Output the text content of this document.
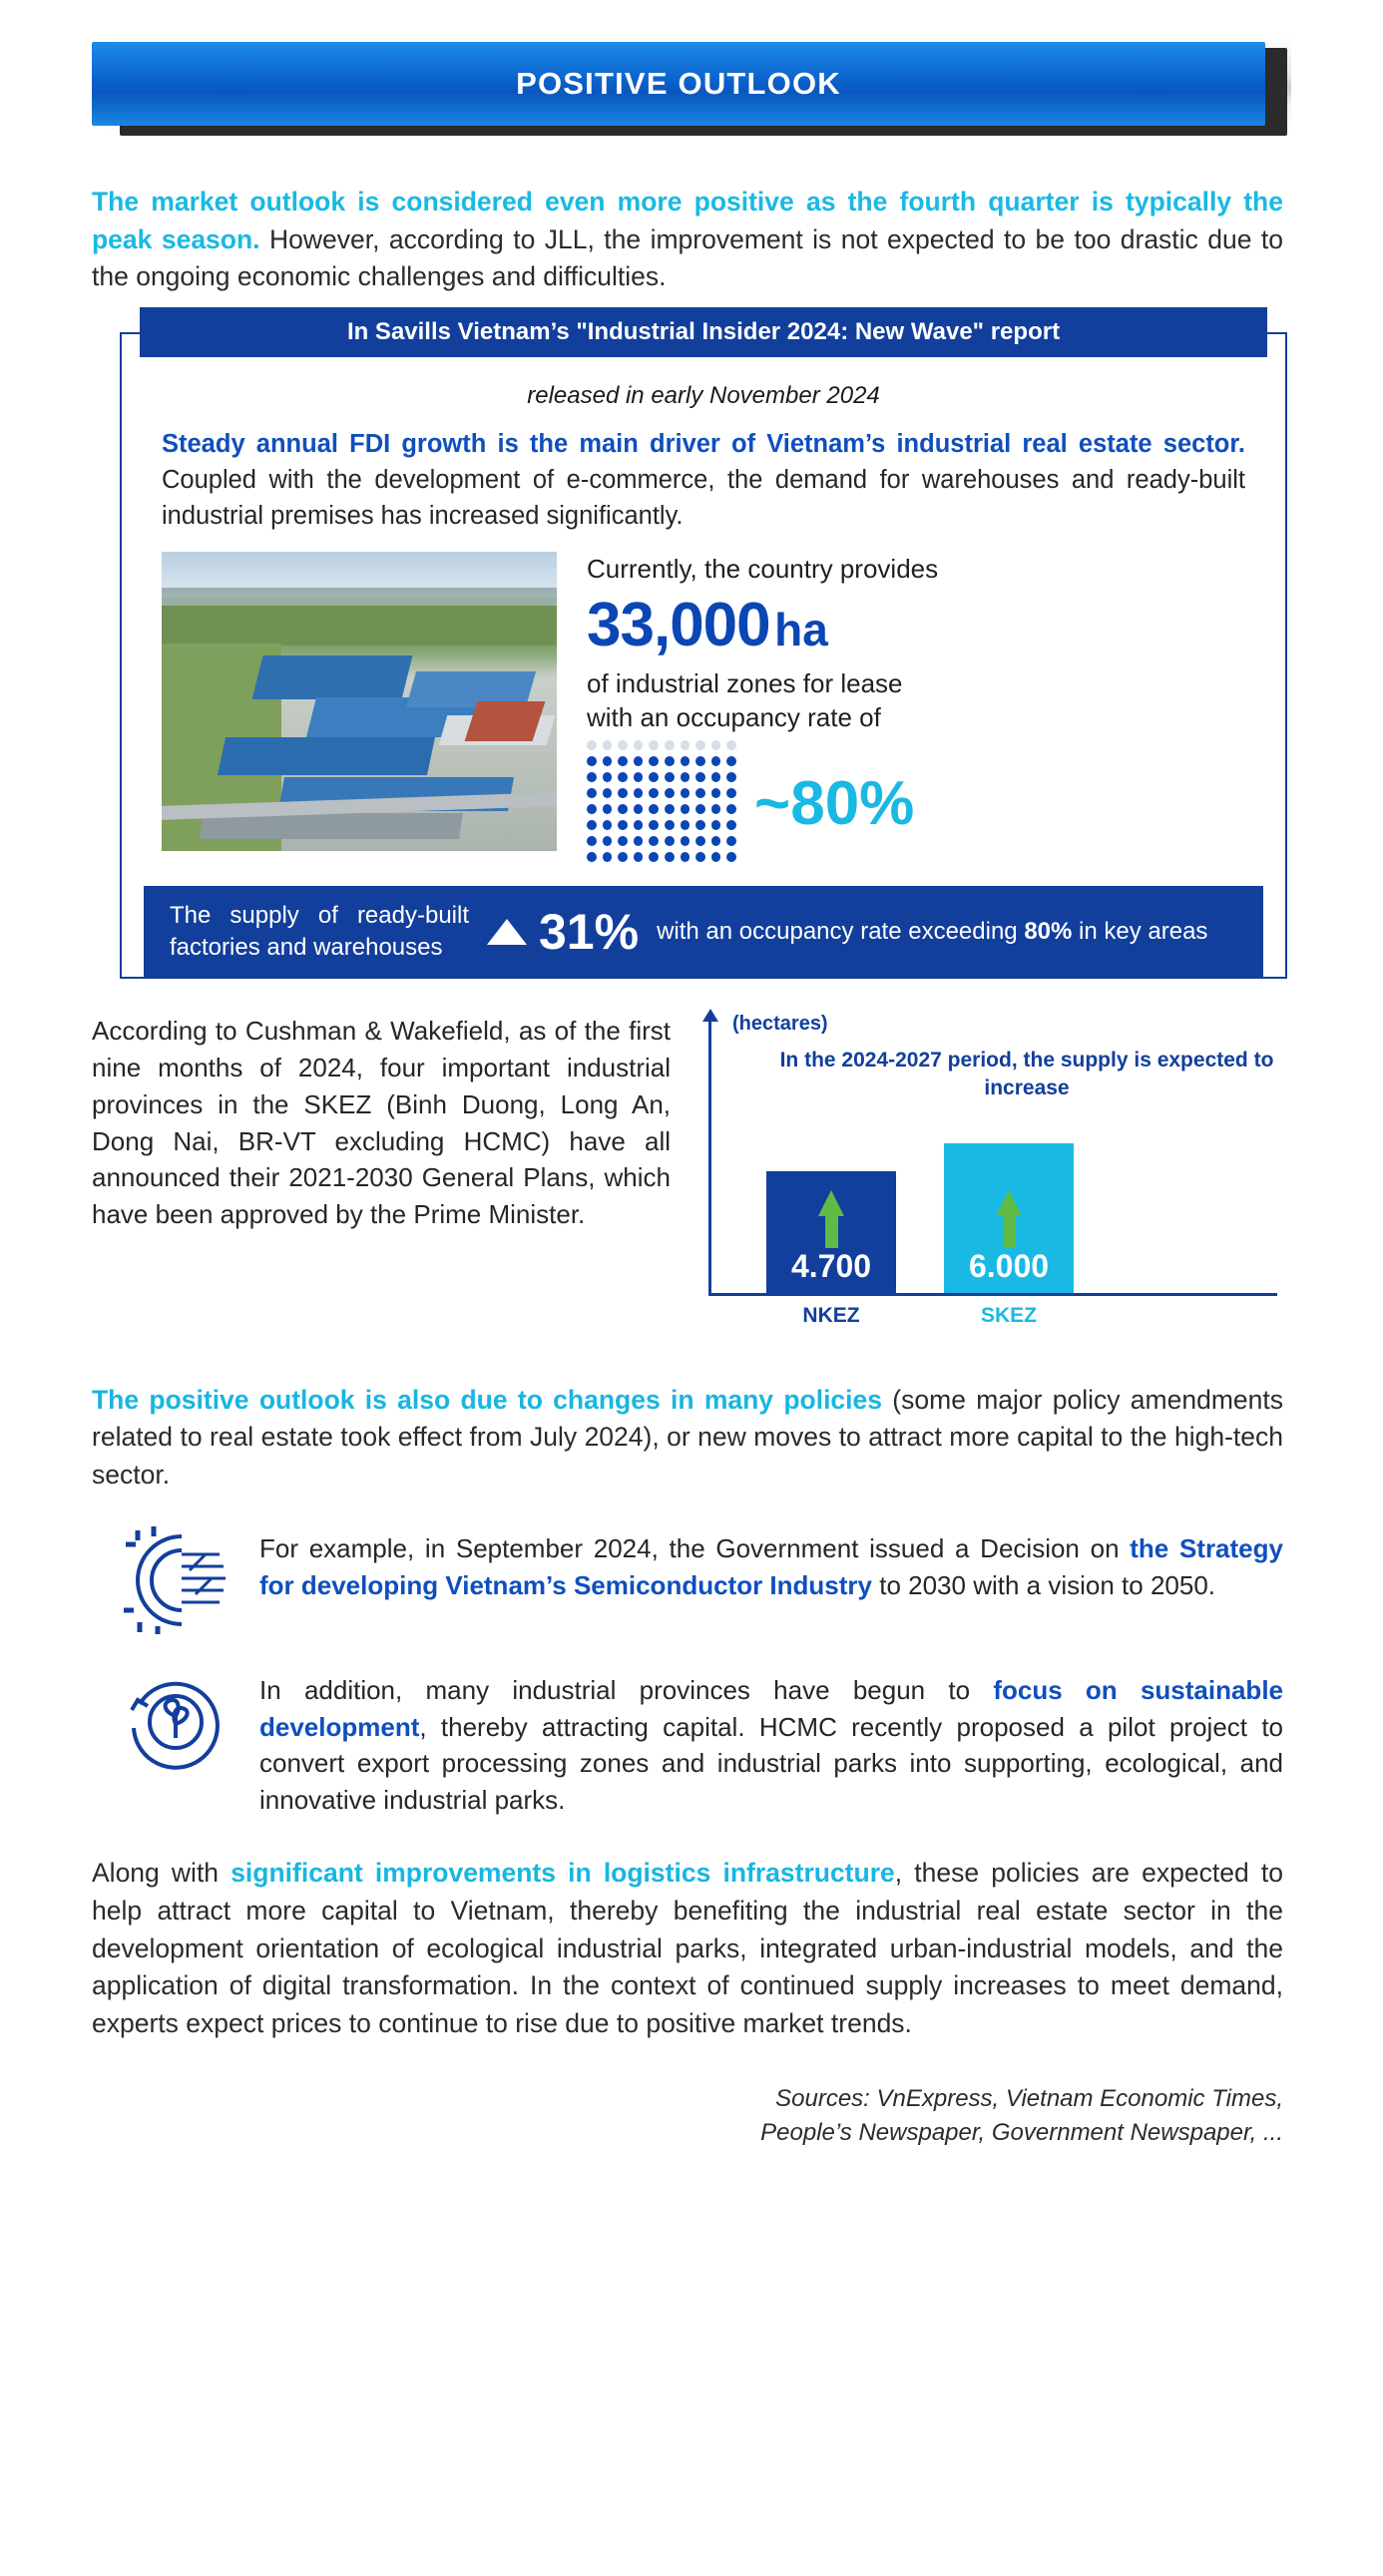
POSITIVE OUTLOOK
The market outlook is considered even more positive as the fourth quarter is typically the peak season. However, according to JLL, the improvement is not expected to be too drastic due to the ongoing economic challenges and difficulties.
In Savills Vietnam’s "Industrial Insider 2024: New Wave" report
released in early November 2024
Steady annual FDI growth is the main driver of Vietnam’s industrial real estate sector. Coupled with the development of e-commerce, the demand for warehouses and ready-built industrial premises has increased significantly.
Currently, the country provides
33,000 ha
of industrial zones for lease
with an occupancy rate of
~80%
The supply of ready-built factories and warehouses	31% with an occupancy rate exceeding 80% in key areas
According to Cushman & Wakefield, as of the first nine months of 2024, four important industrial provinces in the SKEZ (Binh Duong, Long An, Dong Nai, BR-VT excluding HCMC) have all announced their 2021-2030 General Plans, which have been approved by the Prime Minister.
(hectares)
In the 2024-2027 period, the supply is expected to increase
4.700	6.000
NKEZ	SKEZ
The positive outlook is also due to changes in many policies (some major policy amendments related to real estate took effect from July 2024), or new moves to attract more capital to the high-tech sector.
For example, in September 2024, the Government issued a Decision on the Strategy for developing Vietnam’s Semiconductor Industry to 2030 with a vision to 2050.
In addition, many industrial provinces have begun to focus on sustainable development, thereby attracting capital. HCMC recently proposed a pilot project to convert export processing zones and industrial parks into supporting, ecological, and innovative industrial parks.
Along with significant improvements in logistics infrastructure, these policies are expected to help attract more capital to Vietnam, thereby benefiting the industrial real estate sector in the development orientation of ecological industrial parks, integrated urban-industrial models, and the application of digital transformation. In the context of continued supply increases to meet demand, experts expect prices to continue to rise due to positive market trends.
Sources: VnExpress, Vietnam Economic Times,
People’s Newspaper, Government Newspaper, ...
